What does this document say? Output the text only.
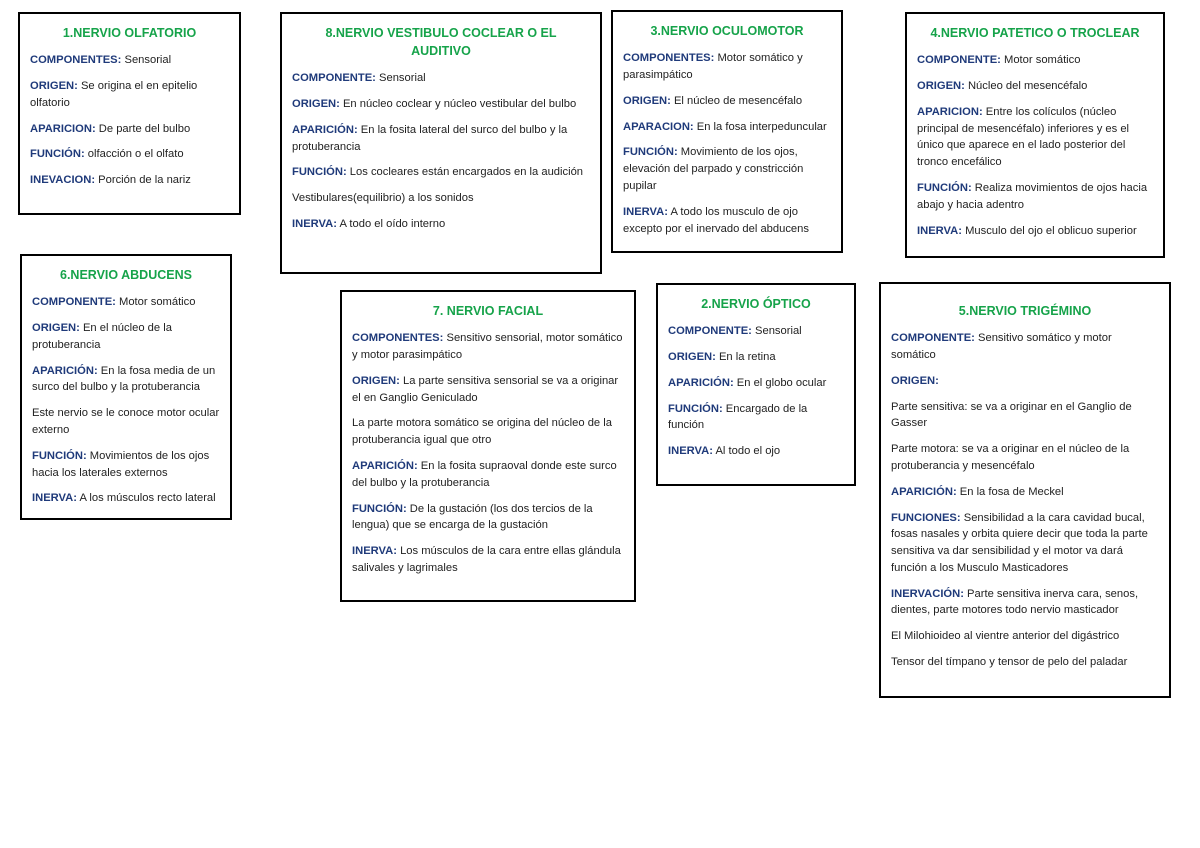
1.NERVIO OLFATORIO
COMPONENTES: Sensorial
ORIGEN: Se origina el en epitelio olfatorio
APARICION: De parte del bulbo
FUNCIÓN: olfacción o el olfato
INEVACION: Porción de la nariz
8.NERVIO VESTIBULO COCLEAR O EL AUDITIVO
COMPONENTE: Sensorial
ORIGEN: En núcleo coclear y núcleo vestibular del bulbo
APARICIÓN: En la fosita lateral del surco del bulbo y la protuberancia
FUNCIÓN: Los cocleares están encargados en la audición
Vestibulares(equilibrio) a los sonidos
INERVA: A todo el oído interno
3.NERVIO OCULOMOTOR
COMPONENTES: Motor somático y parasimpático
ORIGEN: El núcleo de mesencéfalo
APARACION: En la fosa interpeduncular
FUNCIÓN: Movimiento de los ojos, elevación del parpado y constricción pupilar
INERVA: A todo los musculo de ojo excepto por el inervado del abducens
4.NERVIO PATETICO O TROCLEAR
COMPONENTE: Motor somático
ORIGEN: Núcleo del mesencéfalo
APARICION: Entre los colículos (núcleo principal de mesencéfalo) inferiores y es el único que aparece en el lado posterior del tronco encefálico
FUNCIÓN: Realiza movimientos de ojos hacia abajo y hacia adentro
INERVA: Musculo del ojo el oblicuo superior
6.NERVIO ABDUCENS
COMPONENTE: Motor somático
ORIGEN: En el núcleo de la protuberancia
APARICIÓN: En la fosa media de un surco del bulbo y la protuberancia
Este nervio se le conoce motor ocular externo
FUNCIÓN: Movimientos de los ojos hacia los laterales externos
INERVA: A los músculos recto lateral
7. NERVIO FACIAL
COMPONENTES: Sensitivo sensorial, motor somático y motor parasimpático
ORIGEN: La parte sensitiva sensorial se va a originar el en Ganglio Geniculado
La parte motora somático se origina del núcleo de la protuberancia igual que otro
APARICIÓN: En la fosita supraoval donde este surco del bulbo y la protuberancia
FUNCIÓN: De la gustación (los dos tercios de la lengua) que se encarga de la gustación
INERVA: Los músculos de la cara entre ellas glándula salivales y lagrimales
2.NERVIO ÓPTICO
COMPONENTE: Sensorial
ORIGEN: En la retina
APARICIÓN: En el globo ocular
FUNCIÓN: Encargado de la función
INERVA: Al todo el ojo
5.NERVIO TRIGÉMINO
COMPONENTE: Sensitivo somático y motor somático
ORIGEN:
Parte sensitiva: se va a originar en el Ganglio de Gasser
Parte motora: se va a originar en el núcleo de la protuberancia y mesencéfalo
APARICIÓN: En la fosa de Meckel
FUNCIONES: Sensibilidad a la cara cavidad bucal, fosas nasales y orbita quiere decir que toda la parte sensitiva va dar sensibilidad y el motor va dará función a los Musculo Masticadores
INERVACIÓN: Parte sensitiva inerva cara, senos, dientes, parte motores todo nervio masticador
El Milohioideo al vientre anterior del digástrico
Tensor del tímpano y tensor de pelo del paladar
